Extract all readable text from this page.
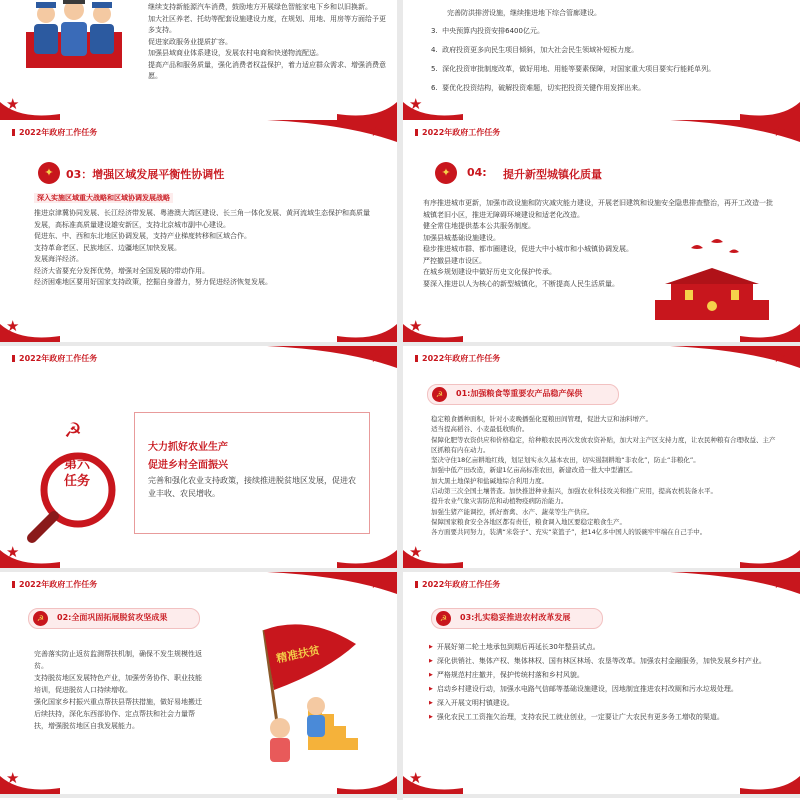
继续支持新能源汽车消费，鼓励地方开展绿色智能家电下乡和以旧换新。

加大社区养老、托幼等配套设施建设力度，在规划、用地、用房等方面给予更多支持。

促进家政服务业提质扩容。

加强县域商业体系建设，发展农村电商和快递物流配送。

提高产品和服务质量，强化消费者权益保护，着力适应群众需求、增强消费意愿。

★
完善防洪排涝设施，继续推进地下综合管廊建设。
3. 中央预算内投资安排6400亿元。
4. 政府投资更多向民生项目倾斜，加大社会民生领域补短板力度。
5. 深化投资审批制度改革，做好用地、用能等要素保障，对国家重大项目要实行能耗单列。
6. 要优化投资结构，破解投资难题，切实把投资关键作用发挥出来。
★
2022年政府工作任务	★
✦	03：增强区域发展平衡性协调性
深入实施区域重大战略和区域协调发展战略

推进京津冀协同发展、长江经济带发展、粤港澳大湾区建设、长三角一体化发展、黄河流域生态保护和高质量发展，高标准高质量建设雄安新区，支持北京城市副中心建设。

促进东、中、西和东北地区协调发展，支持产业梯度转移和区域合作。

支持革命老区、民族地区、边疆地区加快发展。

发展海洋经济。

经济大省要充分发挥优势，增强对全国发展的带动作用。

经济困难地区要用好国家支持政策，挖掘自身潜力，努力促进经济恢复发展。

★
2022年政府工作任务	★
✦	04: 提升新型城镇化质量

有序推进城市更新，加强市政设施和防灾减灾能力建设，开展老旧建筑和设施安全隐患排查整治，再开工改造一批城镇老旧小区，推进无障碍环境建设和适老化改造。

健全常住地提供基本公共服务制度。

加强县城基础设施建设。

稳步推进城市群、都市圈建设，促进大中小城市和小城镇协调发展。

严控撤县建市设区。

在城乡规划建设中做好历史文化保护传承。

要深入推进以人为核心的新型城镇化，不断提高人民生活质量。

★
2022年政府工作任务	★
☭
第六
任务
大力抓好农业生产
促进乡村全面振兴
完善和强化农业支持政策，接续推进脱贫地区发展，促进农业丰收、农民增收。
★
2022年政府工作任务	★
☭	01:加强粮食等重要农产品稳产保供

稳定粮食播种面积，针对小麦晚播强化夏粮田间管理，促进大豆和油料增产。

适当提高稻谷、小麦最低收购价。

保障化肥等农资供应和价格稳定，给种粮农民再次发放农资补贴，加大对主产区支持力度，让农民种粮有合理收益、主产区抓粮有内在动力。

坚决守住18亿亩耕地红线，划足划实永久基本农田，切实遏制耕地“非农化”，防止“非粮化”。

加强中低产田改造，新建1亿亩高标准农田，新建改造一批大中型灌区。

加大黑土地保护和盐碱地综合利用力度。

启动第三次全国土壤普查。加快推进种业振兴，加强农业科技攻关和推广应用，提高农机装备水平。

提升农业气象灾害防范和动植物疫病防治能力。

加强生猪产能调控，抓好畜禽、水产、蔬菜等生产供应。

保障国家粮食安全各地区都有责任，粮食调入地区要稳定粮食生产。

各方面要共同努力，装满“米袋子”、充实“菜篮子”，把14亿多中国人的饭碗牢牢端在自己手中。

★
2022年政府工作任务	★
☭	02:全面巩固拓展脱贫攻坚成果

完善落实防止返贫监测帮扶机制，确保不发生规模性返贫。

支持脱贫地区发展特色产业，加强劳务协作、职业技能培训，促进脱贫人口持续增收。

强化国家乡村振兴重点帮扶县帮扶措施，做好易地搬迁后续扶持，深化东西部协作、定点帮扶和社会力量帮扶，增强脱贫地区自我发展能力。

精准扶贫
★
2022年政府工作任务	★
☭	03:扎实稳妥推进农村改革发展
▶ 开展好第二轮土地承包到期后再延长30年整县试点。
▶ 深化供销社、集体产权、集体林权、国有林区林场、农垦等改革。加强农村金融服务，加快发展乡村产业。
▶ 严格规范村庄撤并，保护传统村落和乡村风貌。
▶ 启动乡村建设行动，加强水电路气信邮等基础设施建设，因地制宜推进农村改厕和污水垃圾处理。
▶ 深入开展文明村镇建设。
▶ 强化农民工工资拖欠治理，支持农民工就业创业，一定要让广大农民有更多务工增收的渠道。
★
